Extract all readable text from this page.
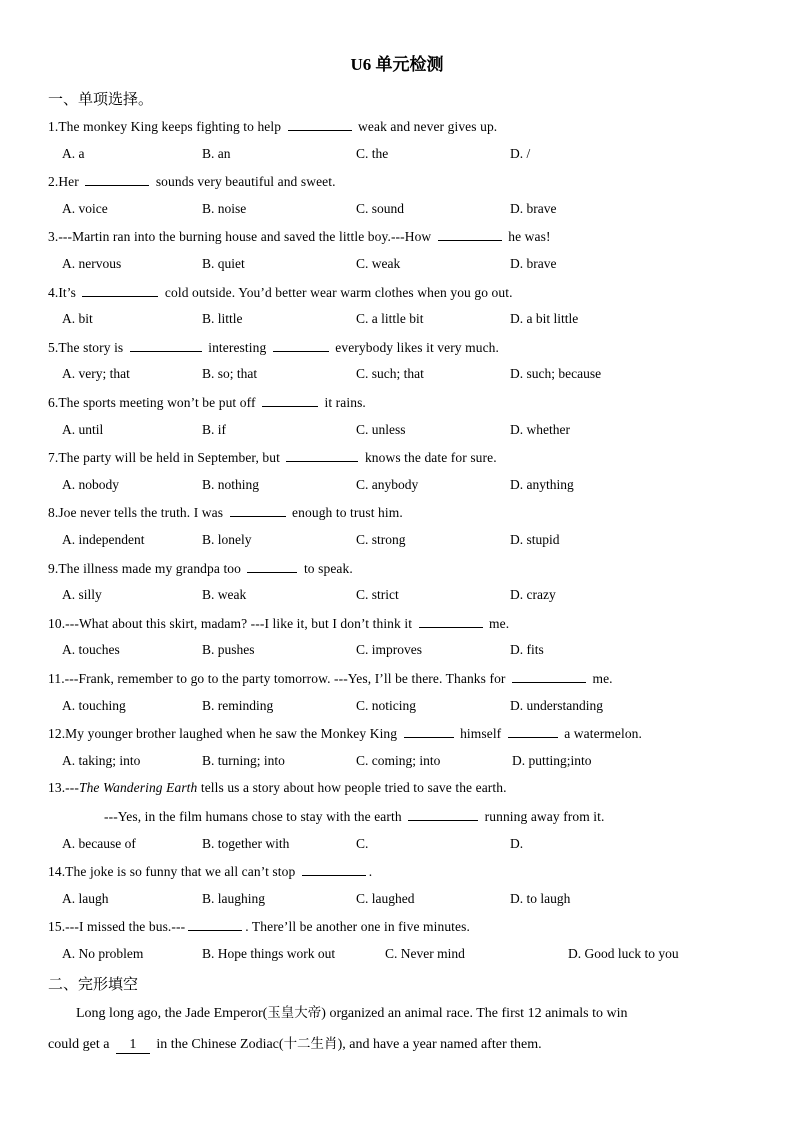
U6 单元检测
一、单项选择。
1.The monkey King keeps fighting to help	weak and never gives up.
A. a	B. an	C. the	D. /
2.Her	sounds very beautiful and sweet.
A. voice	B. noise	C. sound	D. brave
3.---Martin ran into the burning house and saved the little boy.---How	he was!
A. nervous	B. quiet	C. weak	D. brave
4.It’s	cold outside. You’d better wear warm clothes when you go out.
A. bit	B. little	C. a little bit	D. a bit little
5.The story is	interesting	everybody likes it very much.
A. very; that	B. so; that	C. such; that	D. such; because
6.The sports meeting won’t be put off	it rains.
A. until	B. if	C. unless	D. whether
7.The party will be held in September, but	knows the date for sure.
A. nobody	B. nothing	C. anybody	D. anything
8.Joe never tells the truth. I was	enough to trust him.
A. independent	B. lonely	C. strong	D. stupid
9.The illness made my grandpa too	to speak.
A. silly	B. weak	C. strict	D. crazy
10.---What about this skirt, madam? ---I like it, but I don’t think it	me.
A. touches	B. pushes	C. improves	D. fits
11.---Frank, remember to go to the party tomorrow. ---Yes, I’ll be there. Thanks for	me.
A. touching	B. reminding	C. noticing	D. understanding
12.My younger brother laughed when he saw the Monkey King	himself	a watermelon.
A. taking; into	B. turning; into	C. coming; into	D. putting;into
13.---The Wandering Earth tells us a story about how people tried to save the earth.
---Yes, in the film humans chose to stay with the earth	running away from it.
A. because of	B. together with	C.	D.
14.The joke is so funny that we all can’t stop	.
A. laugh	B. laughing	C. laughed	D. to laugh
15.---I missed the bus.---	. There’ll be another one in five minutes.
A. No problem	B. Hope things work out	C. Never mind	D. Good luck to you
二、完形填空
Long long ago, the Jade Emperor(玉皇大帝) organized an animal race. The first 12 animals to win
could get a 1 in the Chinese Zodiac(十二生肖), and have a year named after them.
